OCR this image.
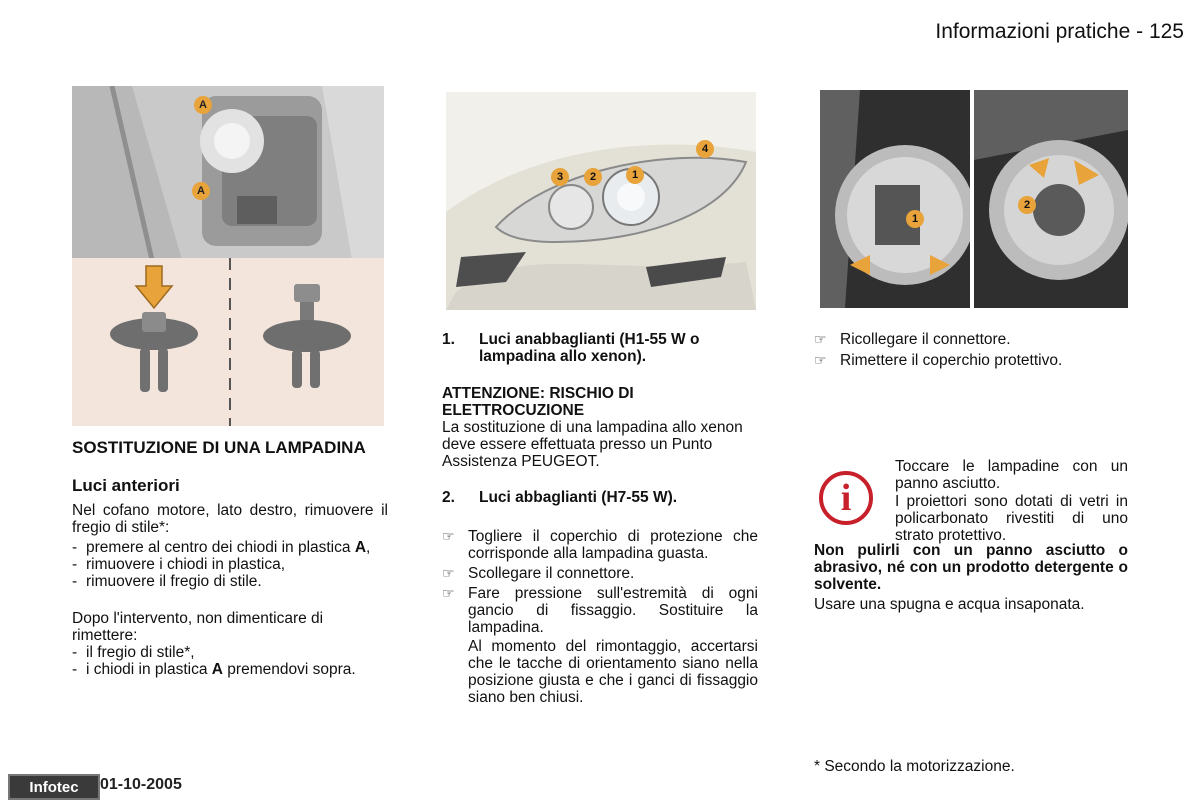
Informazioni pratiche - 125
A
A

SOSTITUZIONE DI UNA LAMPADINA

Luci anteriori

Nel cofano motore, lato destro, rimuovere il fregio di stile*:

- premere al centro dei chiodi in plastica A,
- rimuovere i chiodi in plastica,
- rimuovere il fregio di stile.

Dopo l'intervento, non dimenticare di rimettere:

- il fregio di stile*,
- i chiodi in plastica A premendovi sopra.
3	2	1
4
1.	Luci anabbaglianti (H1-55 W o lampadina allo xenon).

ATTENZIONE: RISCHIO DI ELETTROCUZIONE

La sostituzione di una lampadina allo xenon deve essere effettuata presso un Punto Assistenza PEUGEOT.

2.	Luci abbaglianti (H7-55 W).
☞ Togliere il coperchio di protezione che corrisponde alla lampadina guasta.
☞ Scollegare il connettore.
☞ Fare pressione sull'estremità di ogni gancio di fissaggio. Sostituire la lampadina.
Al momento del rimontaggio, accertarsi che le tacche di orientamento siano nella posizione giusta e che i ganci di fissaggio siano ben chiusi.
1
2
☞ Ricollegare il connettore.
☞ Rimettere il coperchio protettivo.
i

Toccare le lampadine con un panno asciutto.

I proiettori sono dotati di vetri in policarbonato rivestiti di uno strato protettivo.

Non pulirli con un panno asciutto o abrasivo, né con un prodotto detergente o solvente.

Usare una spugna e acqua insaponata.

* Secondo la motorizzazione.
Infotec	01-10-2005
